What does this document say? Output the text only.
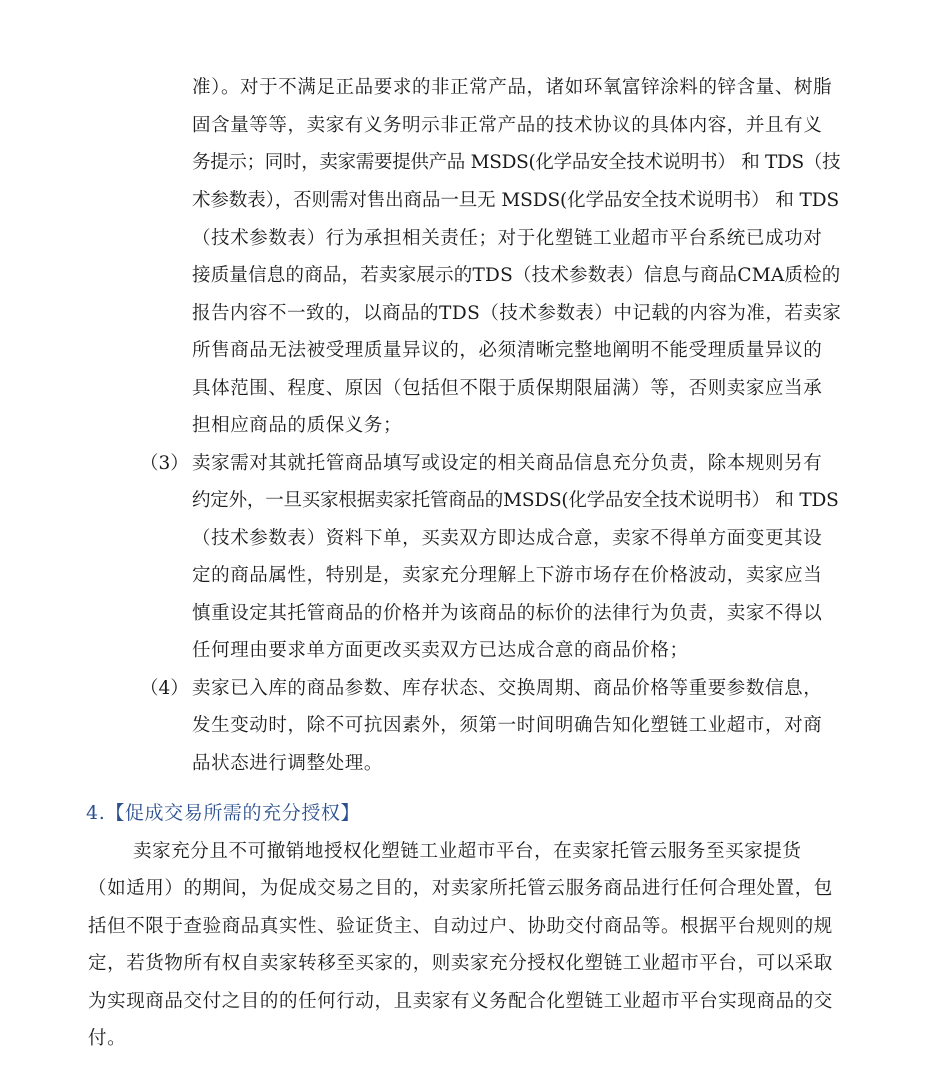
准）。对于不满足正品要求的非正常产品，诸如环氧富锌涂料的锌含量、树脂
固含量等等，卖家有义务明示非正常产品的技术协议的具体内容，并且有义
务提示；同时，卖家需要提供产品 MSDS(化学品安全技术说明书） 和 TDS（技
术参数表），否则需对售出商品一旦无 MSDS(化学品安全技术说明书） 和 TDS
（技术参数表）行为承担相关责任；对于化塑链工业超市平台系统已成功对
接质量信息的商品，若卖家展示的TDS（技术参数表）信息与商品CMA质检的
报告内容不一致的，以商品的TDS（技术参数表）中记载的内容为准，若卖家
所售商品无法被受理质量异议的，必须清晰完整地阐明不能受理质量异议的
具体范围、程度、原因（包括但不限于质保期限届满）等，否则卖家应当承
担相应商品的质保义务；
（3） 卖家需对其就托管商品填写或设定的相关商品信息充分负责，除本规则另有
约定外，一旦买家根据卖家托管商品的MSDS(化学品安全技术说明书） 和 TDS
（技术参数表）资料下单，买卖双方即达成合意，卖家不得单方面变更其设
定的商品属性，特别是，卖家充分理解上下游市场存在价格波动，卖家应当
慎重设定其托管商品的价格并为该商品的标价的法律行为负责，卖家不得以
任何理由要求单方面更改买卖双方已达成合意的商品价格；
（4） 卖家已入库的商品参数、库存状态、交换周期、商品价格等重要参数信息，
发生变动时，除不可抗因素外，须第一时间明确告知化塑链工业超市，对商
品状态进行调整处理。
4.【促成交易所需的充分授权】
卖家充分且不可撤销地授权化塑链工业超市平台，在卖家托管云服务至买家提货
（如适用）的期间，为促成交易之目的，对卖家所托管云服务商品进行任何合理处置，包
括但不限于查验商品真实性、验证货主、自动过户、协助交付商品等。根据平台规则的规
定，若货物所有权自卖家转移至买家的，则卖家充分授权化塑链工业超市平台，可以采取
为实现商品交付之目的的任何行动，且卖家有义务配合化塑链工业超市平台实现商品的交
付。
